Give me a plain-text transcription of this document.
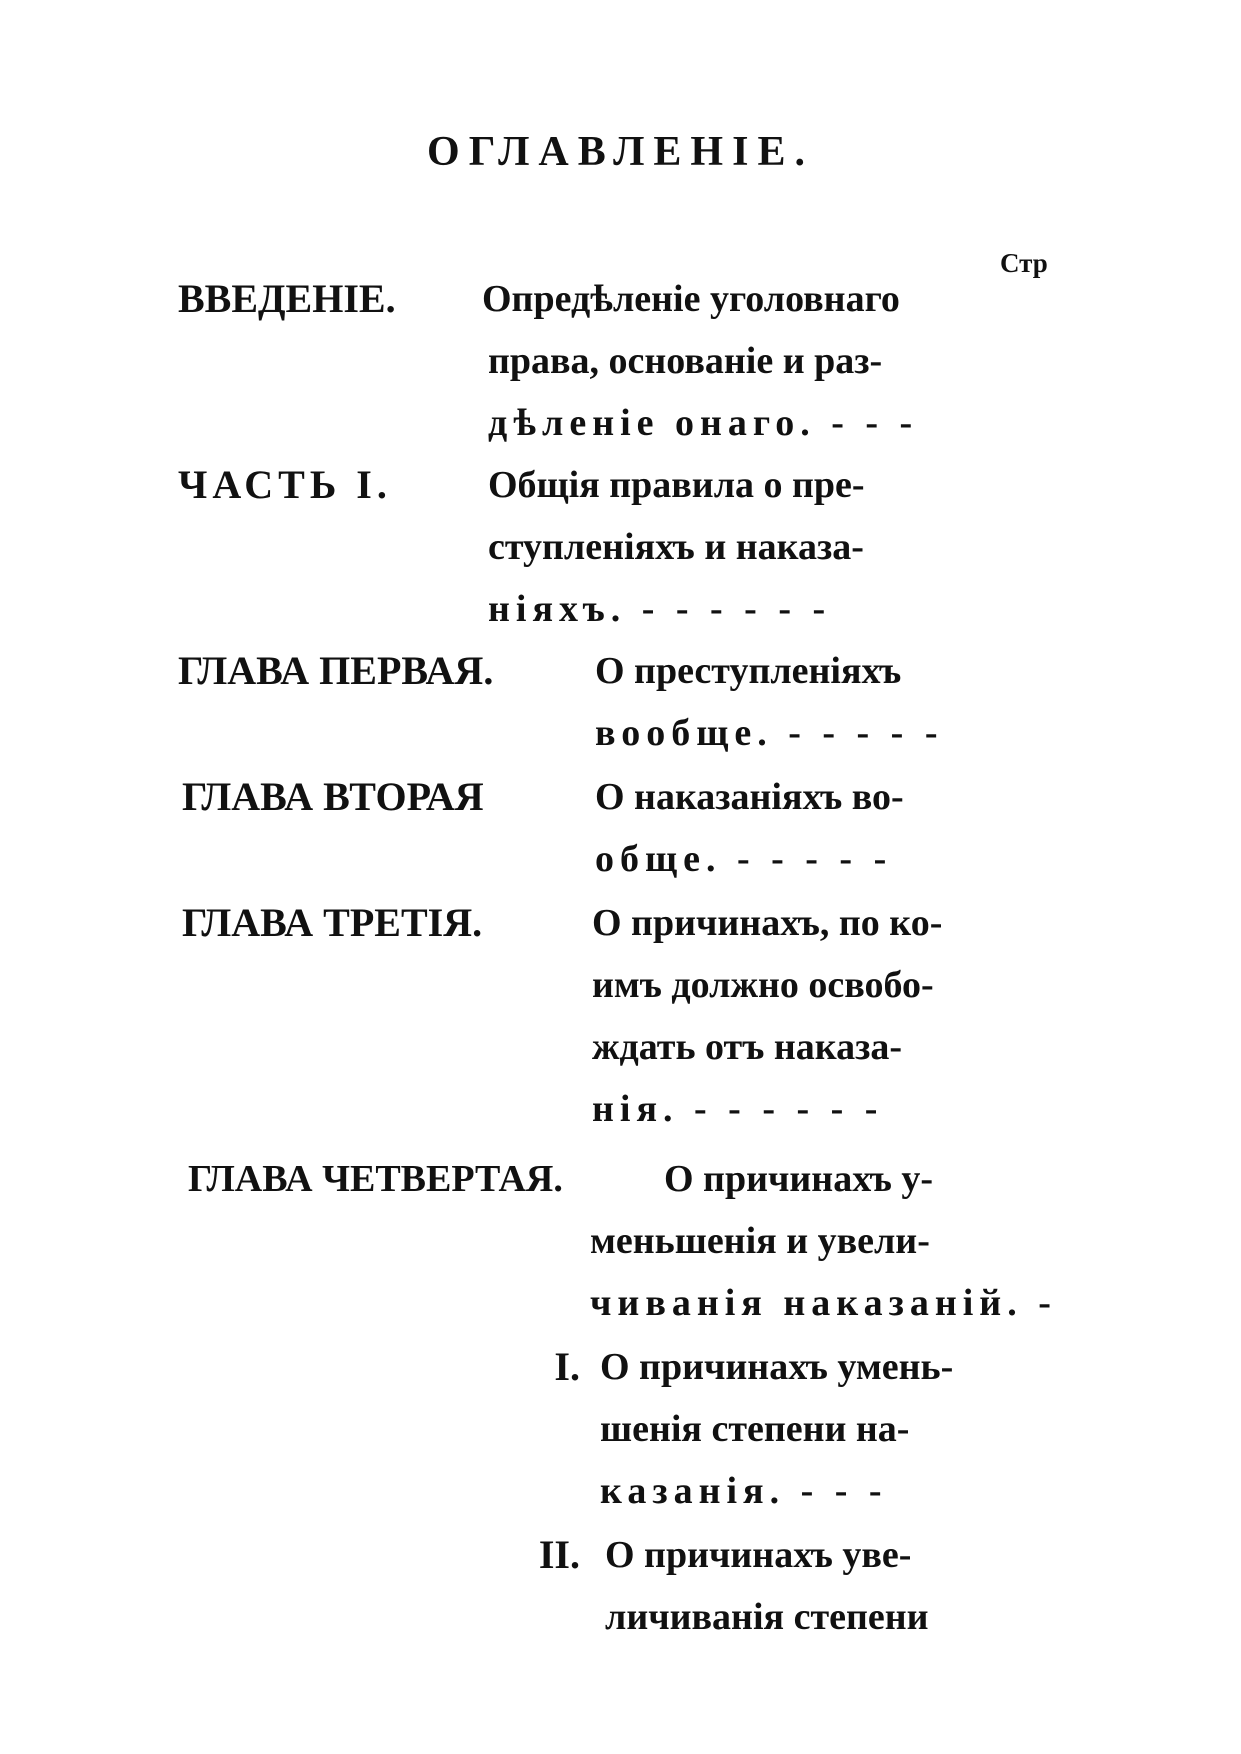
ОГЛАВЛЕНІЕ.
Стр
ВВЕДЕНІЕ. Опредѣленіе уголовнаго
права, основаніе и раз-
дѣленіе онаго. - - -
ЧАСТЬ І.	Общія правила о пре-
ступленіяхъ и наказа-
ніяхъ. - - - - - -
ГЛАВА ПЕРВАЯ.	О преступленіяхъ
вообще. - - - - -
ГЛАВА ВТОРАЯ	О наказаніяхъ во-
обще. - - - - -
ГЛАВА ТРЕТІЯ.	О причинахъ, по ко-
имъ должно освобо-
ждать отъ наказа-
нія. - - - - - -
ГЛАВА ЧЕТВЕРТАЯ.	О причинахъ у-
меньшенія и увели-
чиванія наказаній. -
І. О причинахъ умень-
шенія степени на-
казанія. - - -
ІІ. О причинахъ уве-
личиванія степени
